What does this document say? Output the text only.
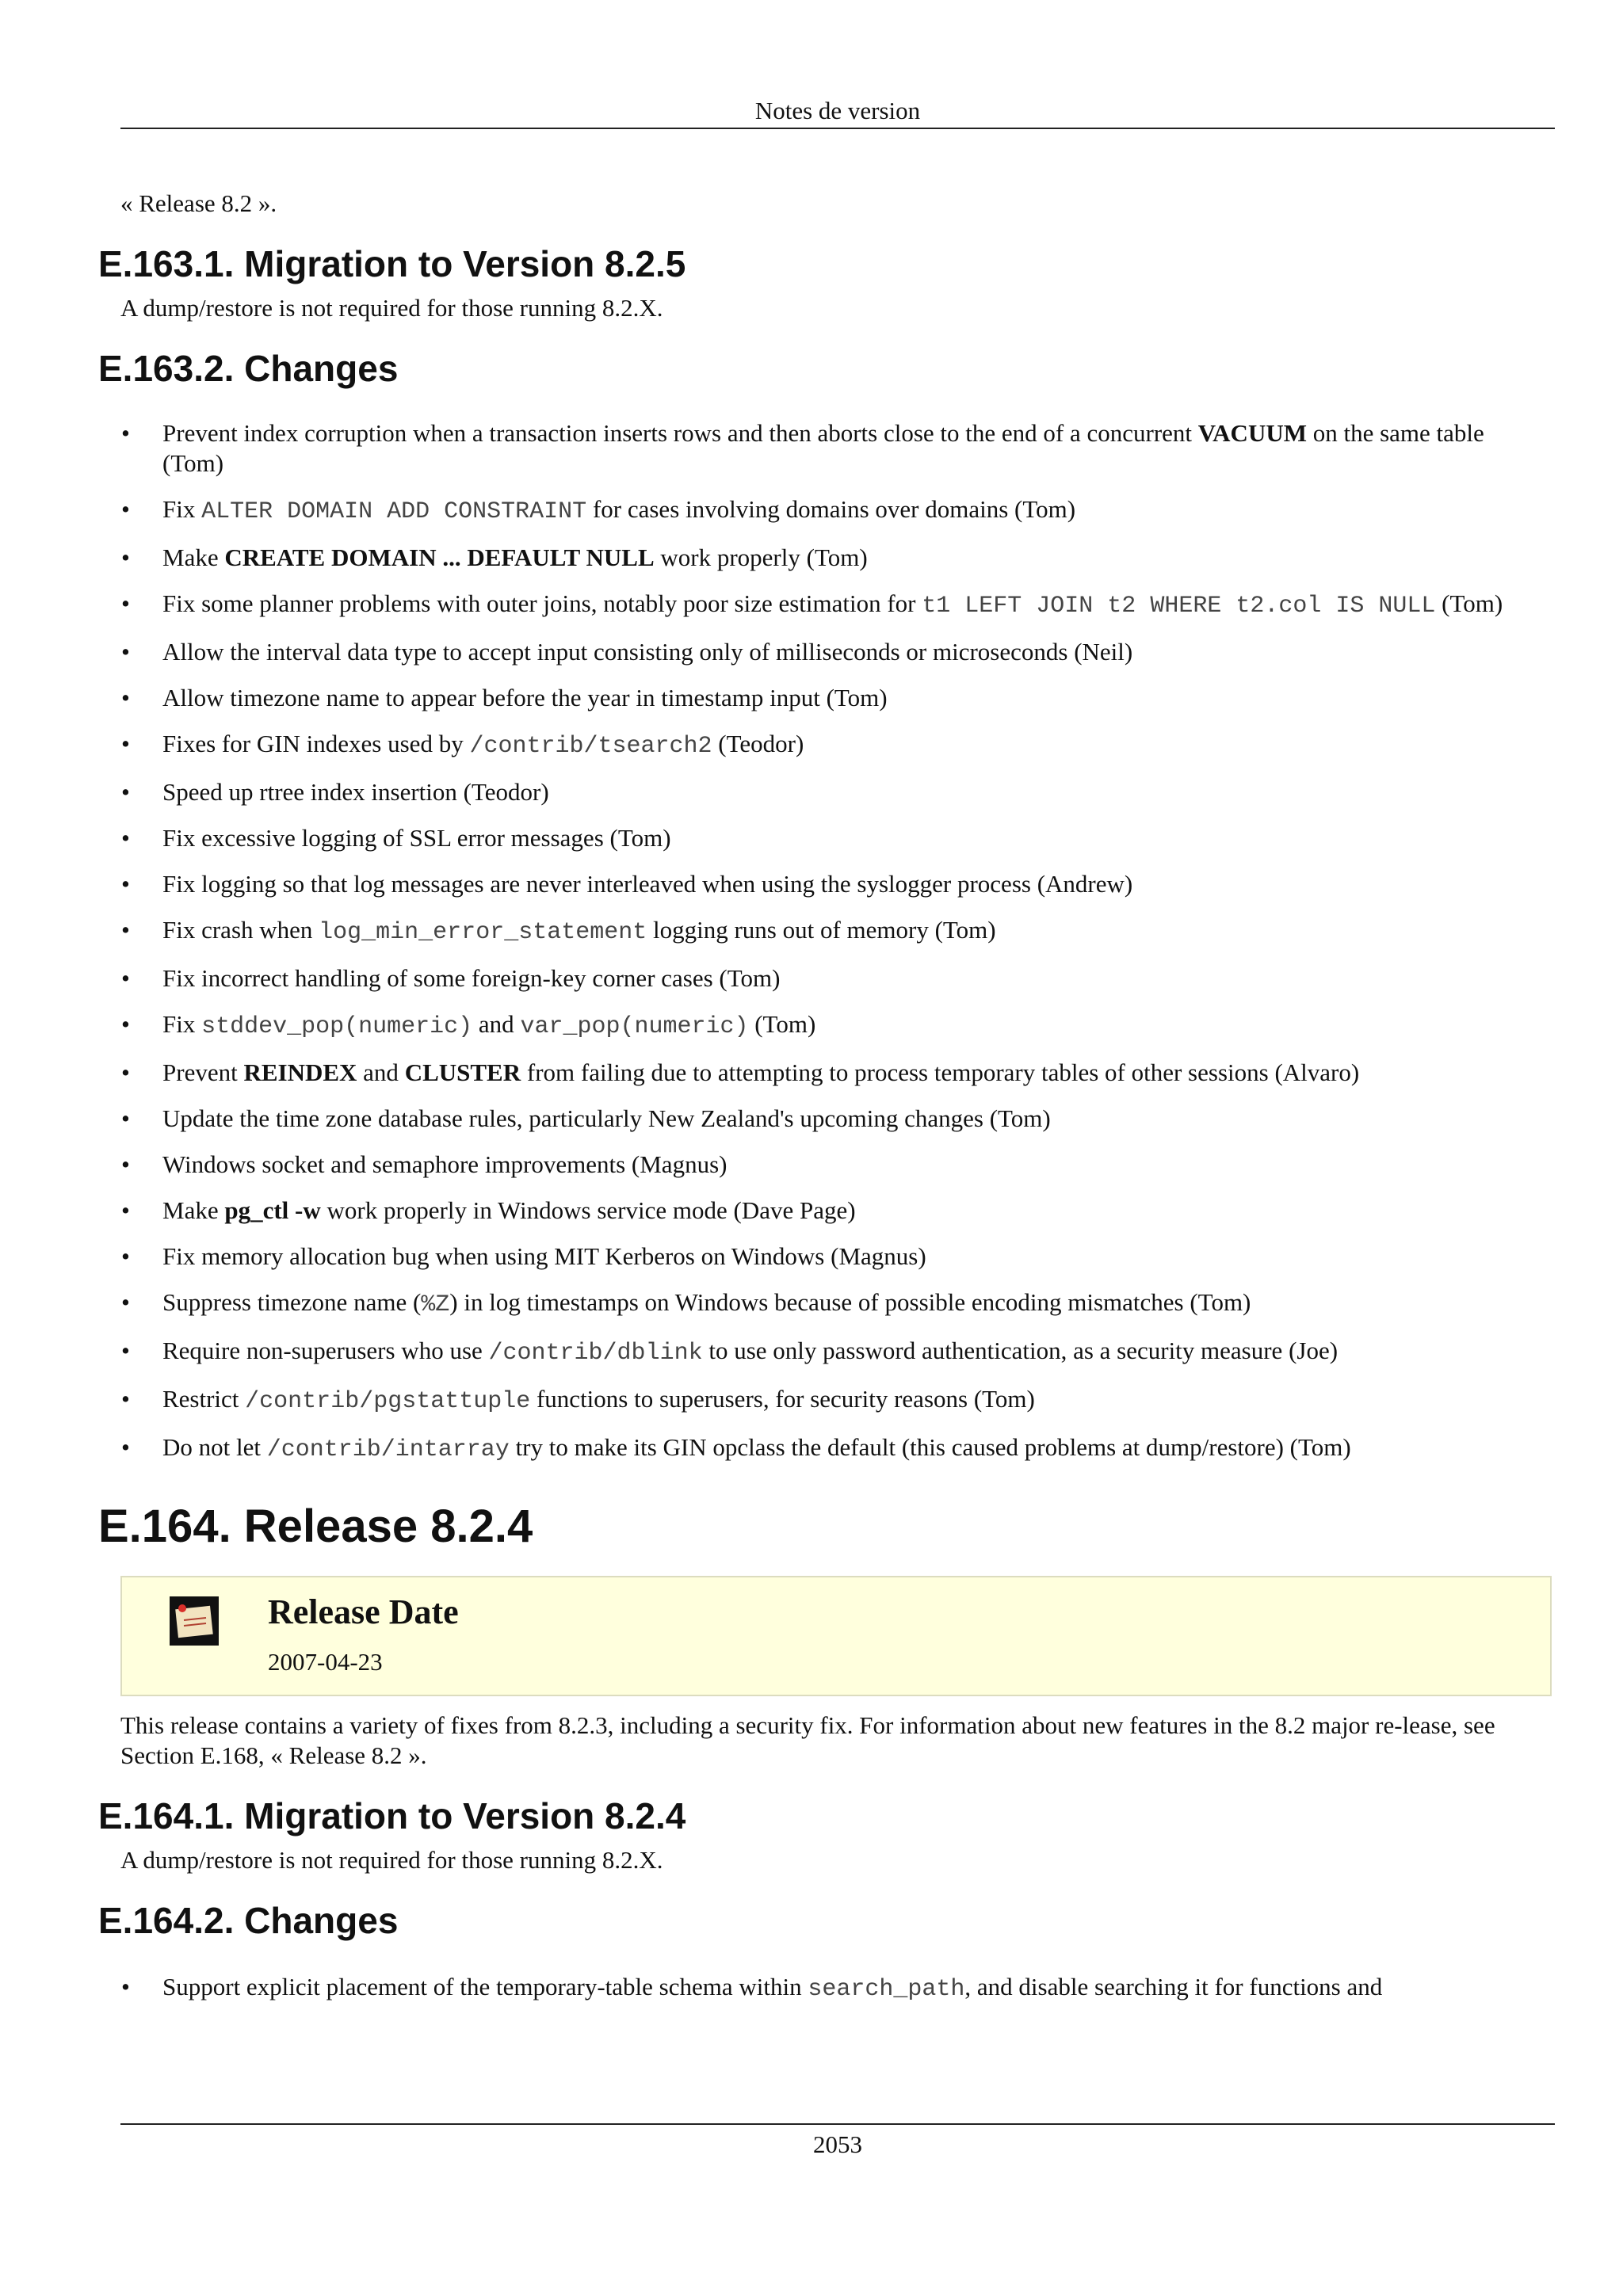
Notes de version

« Release 8.2 ».

E.163.1. Migration to Version 8.2.5

A dump/restore is not required for those running 8.2.X.

E.163.2. Changes
• Prevent index corruption when a transaction inserts rows and then aborts close to the end of a concurrent VACUUM on the same table (Tom)
• Fix ALTER DOMAIN ADD CONSTRAINT for cases involving domains over domains (Tom)
• Make CREATE DOMAIN ... DEFAULT NULL work properly (Tom)
• Fix some planner problems with outer joins, notably poor size estimation for t1 LEFT JOIN t2 WHERE t2.col IS NULL (Tom)
• Allow the interval data type to accept input consisting only of milliseconds or microseconds (Neil)
• Allow timezone name to appear before the year in timestamp input (Tom)
• Fixes for GIN indexes used by /contrib/tsearch2 (Teodor)
• Speed up rtree index insertion (Teodor)
• Fix excessive logging of SSL error messages (Tom)
• Fix logging so that log messages are never interleaved when using the syslogger process (Andrew)
• Fix crash when log_min_error_statement logging runs out of memory (Tom)
• Fix incorrect handling of some foreign-key corner cases (Tom)
• Fix stddev_pop(numeric) and var_pop(numeric) (Tom)
• Prevent REINDEX and CLUSTER from failing due to attempting to process temporary tables of other sessions (Alvaro)
• Update the time zone database rules, particularly New Zealand's upcoming changes (Tom)
• Windows socket and semaphore improvements (Magnus)
• Make pg_ctl -w work properly in Windows service mode (Dave Page)
• Fix memory allocation bug when using MIT Kerberos on Windows (Magnus)
• Suppress timezone name (%Z) in log timestamps on Windows because of possible encoding mismatches (Tom)
• Require non-superusers who use /contrib/dblink to use only password authentication, as a security measure (Joe)
• Restrict /contrib/pgstattuple functions to superusers, for security reasons (Tom)
• Do not let /contrib/intarray try to make its GIN opclass the default (this caused problems at dump/restore) (Tom)
E.164. Release 8.2.4
Release Date
2007-04-23

This release contains a variety of fixes from 8.2.3, including a security fix. For information about new features in the 8.2 major re-lease, see Section E.168, « Release 8.2 ».

E.164.1. Migration to Version 8.2.4

A dump/restore is not required for those running 8.2.X.

E.164.2. Changes
• Support explicit placement of the temporary-table schema within search_path, and disable searching it for functions and
2053
